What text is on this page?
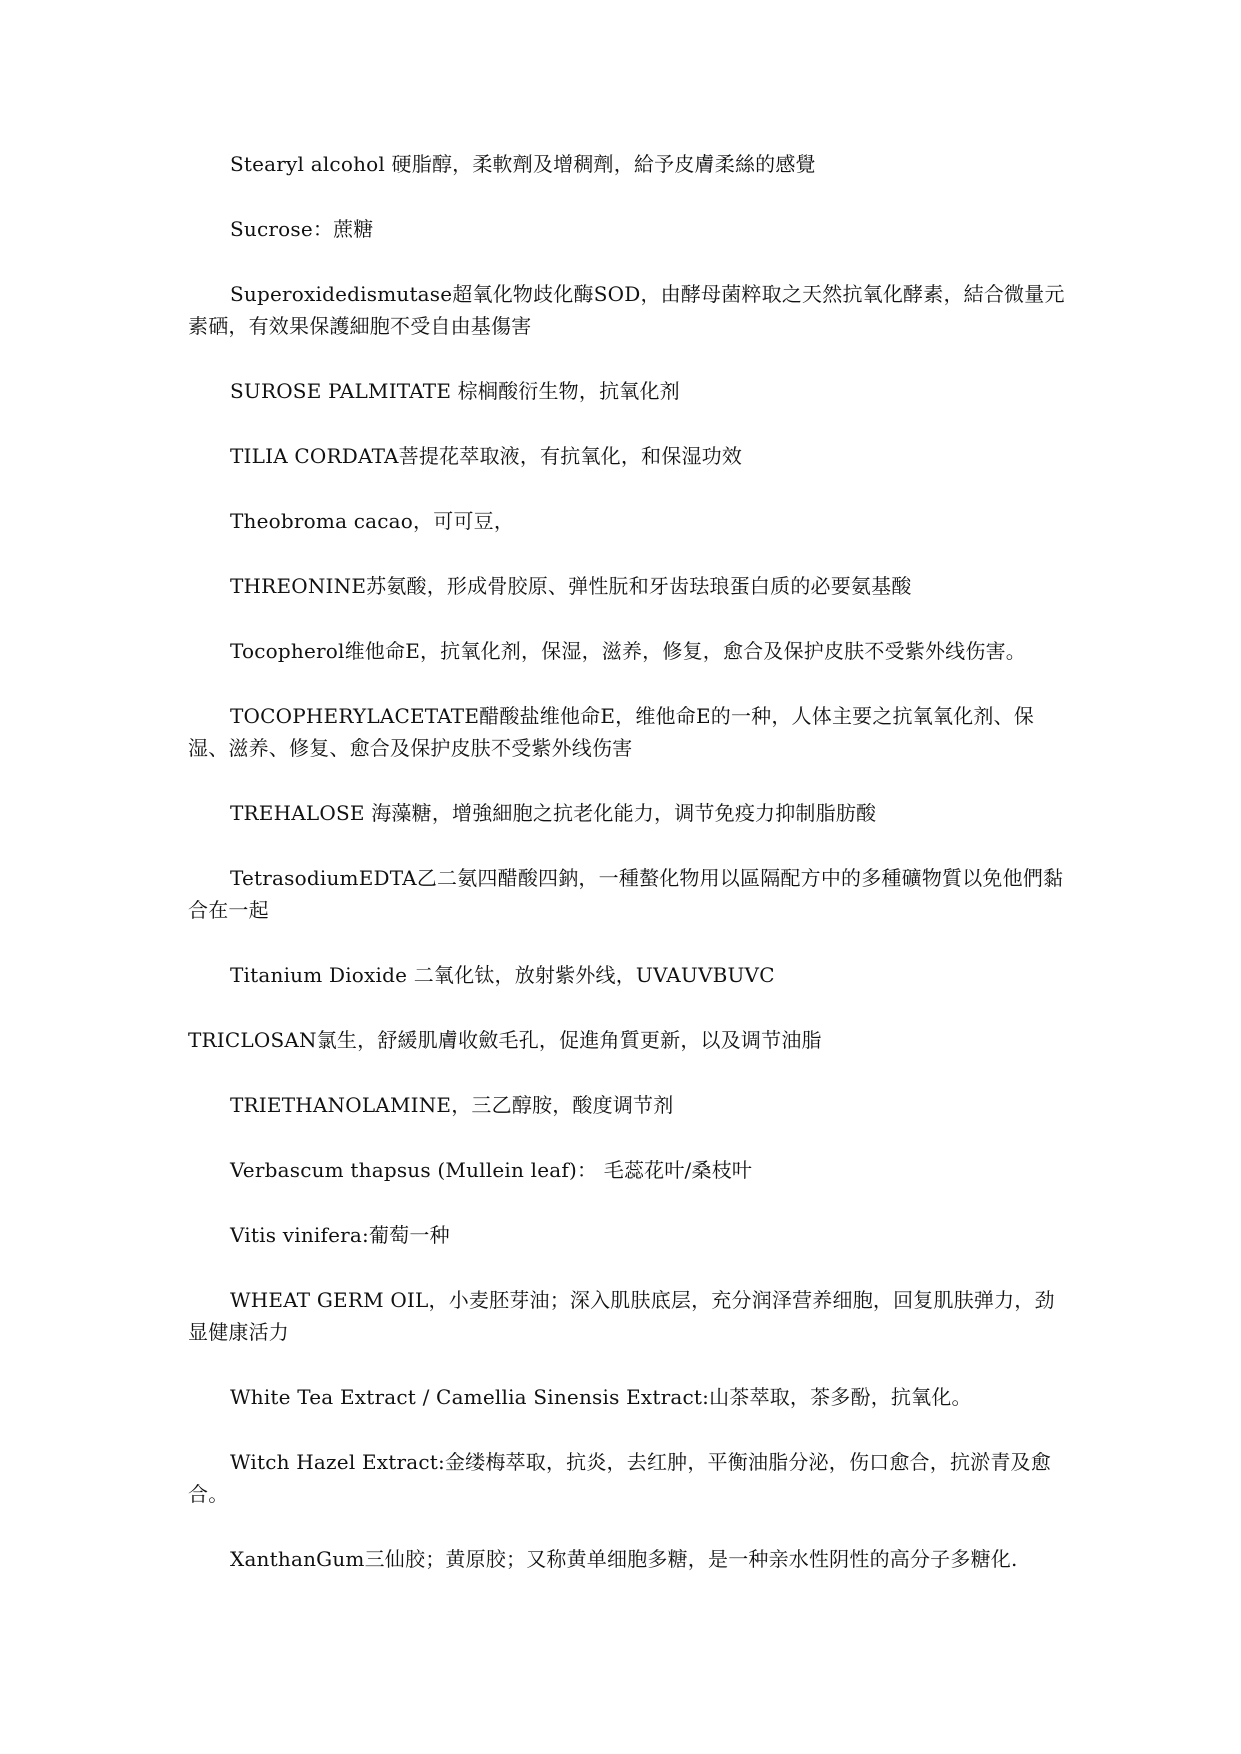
Stearyl alcohol 硬脂醇，柔軟劑及增稠劑，給予皮膚柔絲的感覺

Sucrose：蔗糖

Superoxidedismutase超氧化物歧化酶SOD，由酵母菌粹取之天然抗氧化酵素，結合微量元素硒，有效果保護細胞不受自由基傷害

SUROSE PALMITATE 棕榈酸衍生物，抗氧化剂

TILIA CORDATA菩提花萃取液，有抗氧化，和保湿功效

Theobroma cacao，可可豆，

THREONINE苏氨酸，形成骨胶原、弹性朊和牙齿珐琅蛋白质的必要氨基酸

Tocopherol维他命E，抗氧化剂，保湿，滋养，修复，愈合及保护皮肤不受紫外线伤害。

TOCOPHERYLACETATE醋酸盐维他命E，维他命E的一种，人体主要之抗氧氧化剂、保湿、滋养、修复、愈合及保护皮肤不受紫外线伤害

TREHALOSE 海藻糖，增強細胞之抗老化能力，调节免疫力抑制脂肪酸

TetrasodiumEDTA乙二氨四醋酸四鈉，一種螯化物用以區隔配方中的多種礦物質以免他們黏合在一起

Titanium Dioxide 二氧化钛，放射紫外线，UVAUVBUVC

TRICLOSAN氯生，舒緩肌膚收斂毛孔，促進角質更新，以及调节油脂

TRIETHANOLAMINE，三乙醇胺，酸度调节剂

Verbascum thapsus (Mullein leaf)： 毛蕊花叶/桑枝叶

Vitis vinifera:葡萄一种

WHEAT GERM OIL，小麦胚芽油；深入肌肤底层，充分润泽营养细胞，回复肌肤弹力，劲显健康活力

White Tea Extract / Camellia Sinensis Extract:山茶萃取，茶多酚，抗氧化。

Witch Hazel Extract:金缕梅萃取，抗炎，去红肿，平衡油脂分泌，伤口愈合，抗淤青及愈合。

XanthanGum三仙胶；黄原胶；又称黄单细胞多糖，是一种亲水性阴性的高分子多糖化.
